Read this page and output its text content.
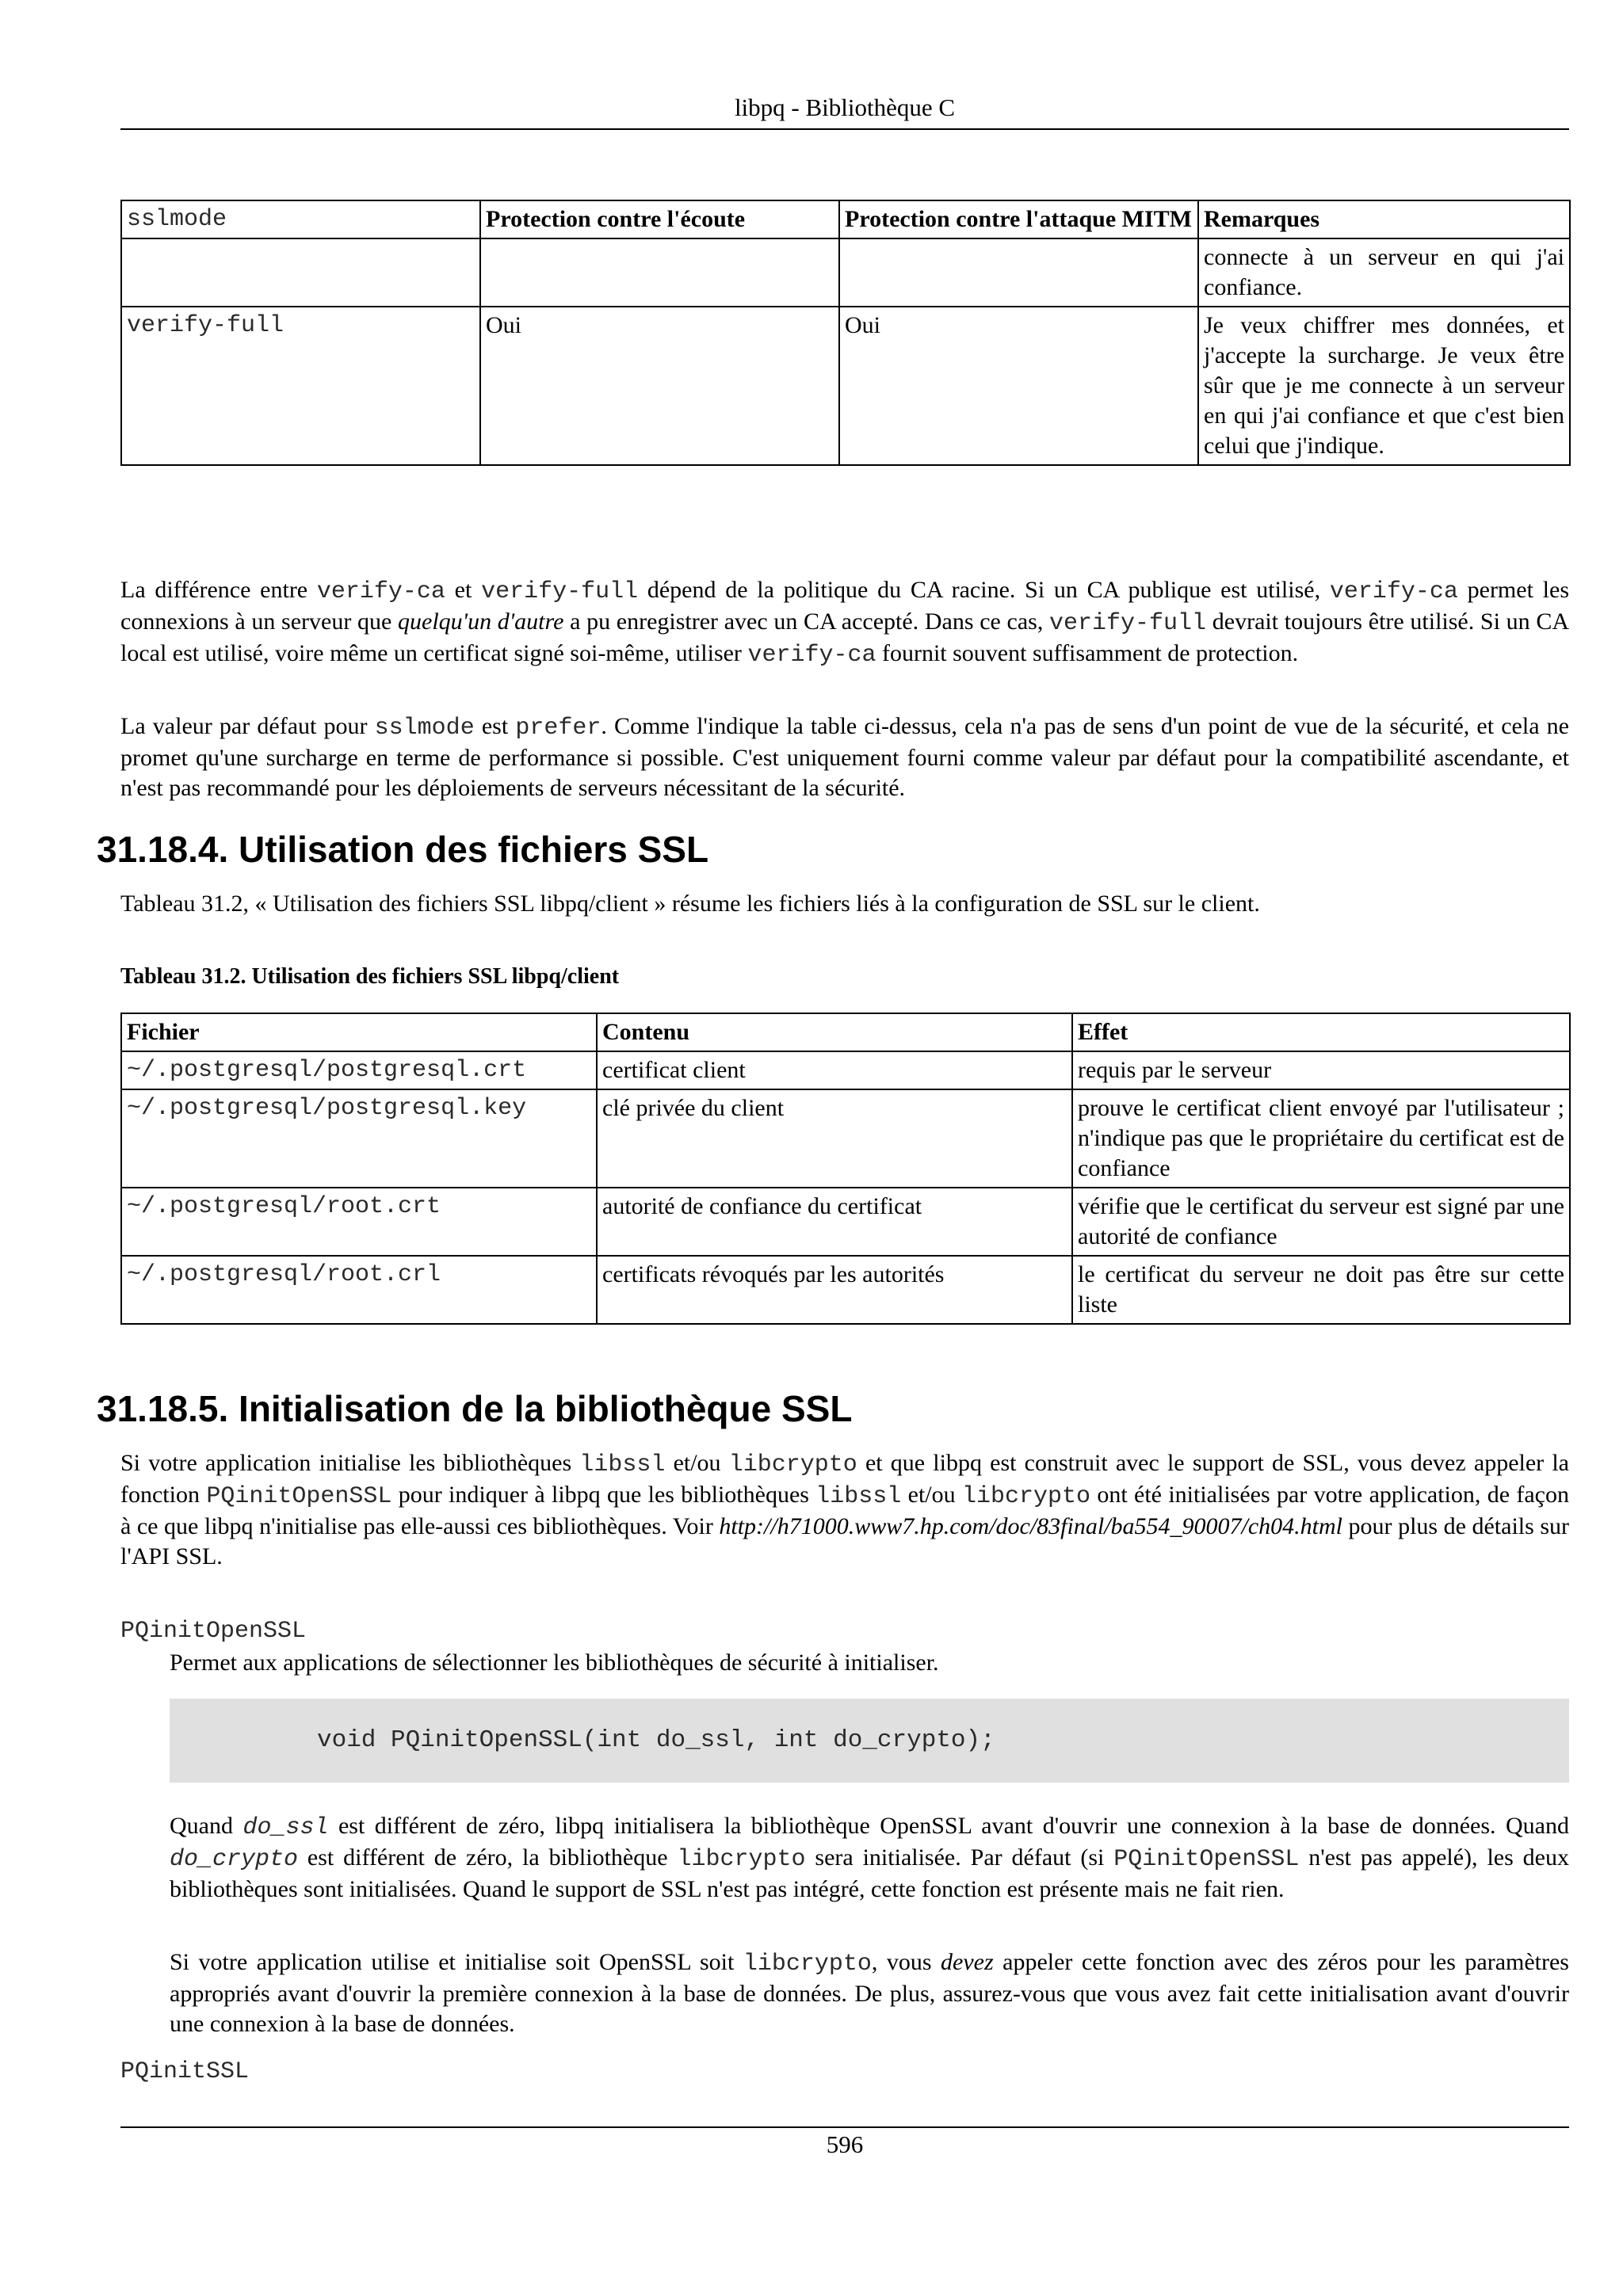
libpq - Bibliothèque C
sslmode	Protection contre l'écoute	Protection contre l'attaque MITM	Remarques
			connecte à un serveur en qui j'ai confiance.
verify-full	Oui	Oui	Je veux chiffrer mes données, et j'accepte la surcharge. Je veux être sûr que je me connecte à un serveur en qui j'ai confiance et que c'est bien celui que j'indique.

La différence entre verify-ca et verify-full dépend de la politique du CA racine. Si un CA publique est utilisé, verify-ca permet les connexions à un serveur que quelqu'un d'autre a pu enregistrer avec un CA accepté. Dans ce cas, verify-full devrait toujours être utilisé. Si un CA local est utilisé, voire même un certificat signé soi-même, utiliser verify-ca fournit souvent suffisamment de protection.

La valeur par défaut pour sslmode est prefer. Comme l'indique la table ci-dessus, cela n'a pas de sens d'un point de vue de la sécurité, et cela ne promet qu'une surcharge en terme de performance si possible. C'est uniquement fourni comme valeur par défaut pour la compatibilité ascendante, et n'est pas recommandé pour les déploiements de serveurs nécessitant de la sécurité.

31.18.4. Utilisation des fichiers SSL

Tableau 31.2, « Utilisation des fichiers SSL libpq/client » résume les fichiers liés à la configuration de SSL sur le client.

Tableau 31.2. Utilisation des fichiers SSL libpq/client
Fichier	Contenu	Effet
~/.postgresql/postgresql.crt	certificat client	requis par le serveur
~/.postgresql/postgresql.key	clé privée du client	prouve le certificat client envoyé par l'utilisateur ; n'indique pas que le propriétaire du certificat est de confiance
~/.postgresql/root.crt	autorité de confiance du certificat	vérifie que le certificat du serveur est signé par une autorité de confiance
~/.postgresql/root.crl	certificats révoqués par les autorités	le certificat du serveur ne doit pas être sur cette liste
31.18.5. Initialisation de la bibliothèque SSL

Si votre application initialise les bibliothèques libssl et/ou libcrypto et que libpq est construit avec le support de SSL, vous devez appeler la fonction PQinitOpenSSL pour indiquer à libpq que les bibliothèques libssl et/ou libcrypto ont été initialisées par votre application, de façon à ce que libpq n'initialise pas elle-aussi ces bibliothèques. Voir http://h71000.www7.hp.com/doc/83final/ba554_90007/ch04.html pour plus de détails sur l'API SSL.

PQinitOpenSSL

Permet aux applications de sélectionner les bibliothèques de sécurité à initialiser.

void PQinitOpenSSL(int do_ssl, int do_crypto);

Quand do_ssl est différent de zéro, libpq initialisera la bibliothèque OpenSSL avant d'ouvrir une connexion à la base de données. Quand do_crypto est différent de zéro, la bibliothèque libcrypto sera initialisée. Par défaut (si PQinitOpenSSL n'est pas appelé), les deux bibliothèques sont initialisées. Quand le support de SSL n'est pas intégré, cette fonction est présente mais ne fait rien.

Si votre application utilise et initialise soit OpenSSL soit libcrypto, vous devez appeler cette fonction avec des zéros pour les paramètres appropriés avant d'ouvrir la première connexion à la base de données. De plus, assurez-vous que vous avez fait cette initialisation avant d'ouvrir une connexion à la base de données.

PQinitSSL
596
